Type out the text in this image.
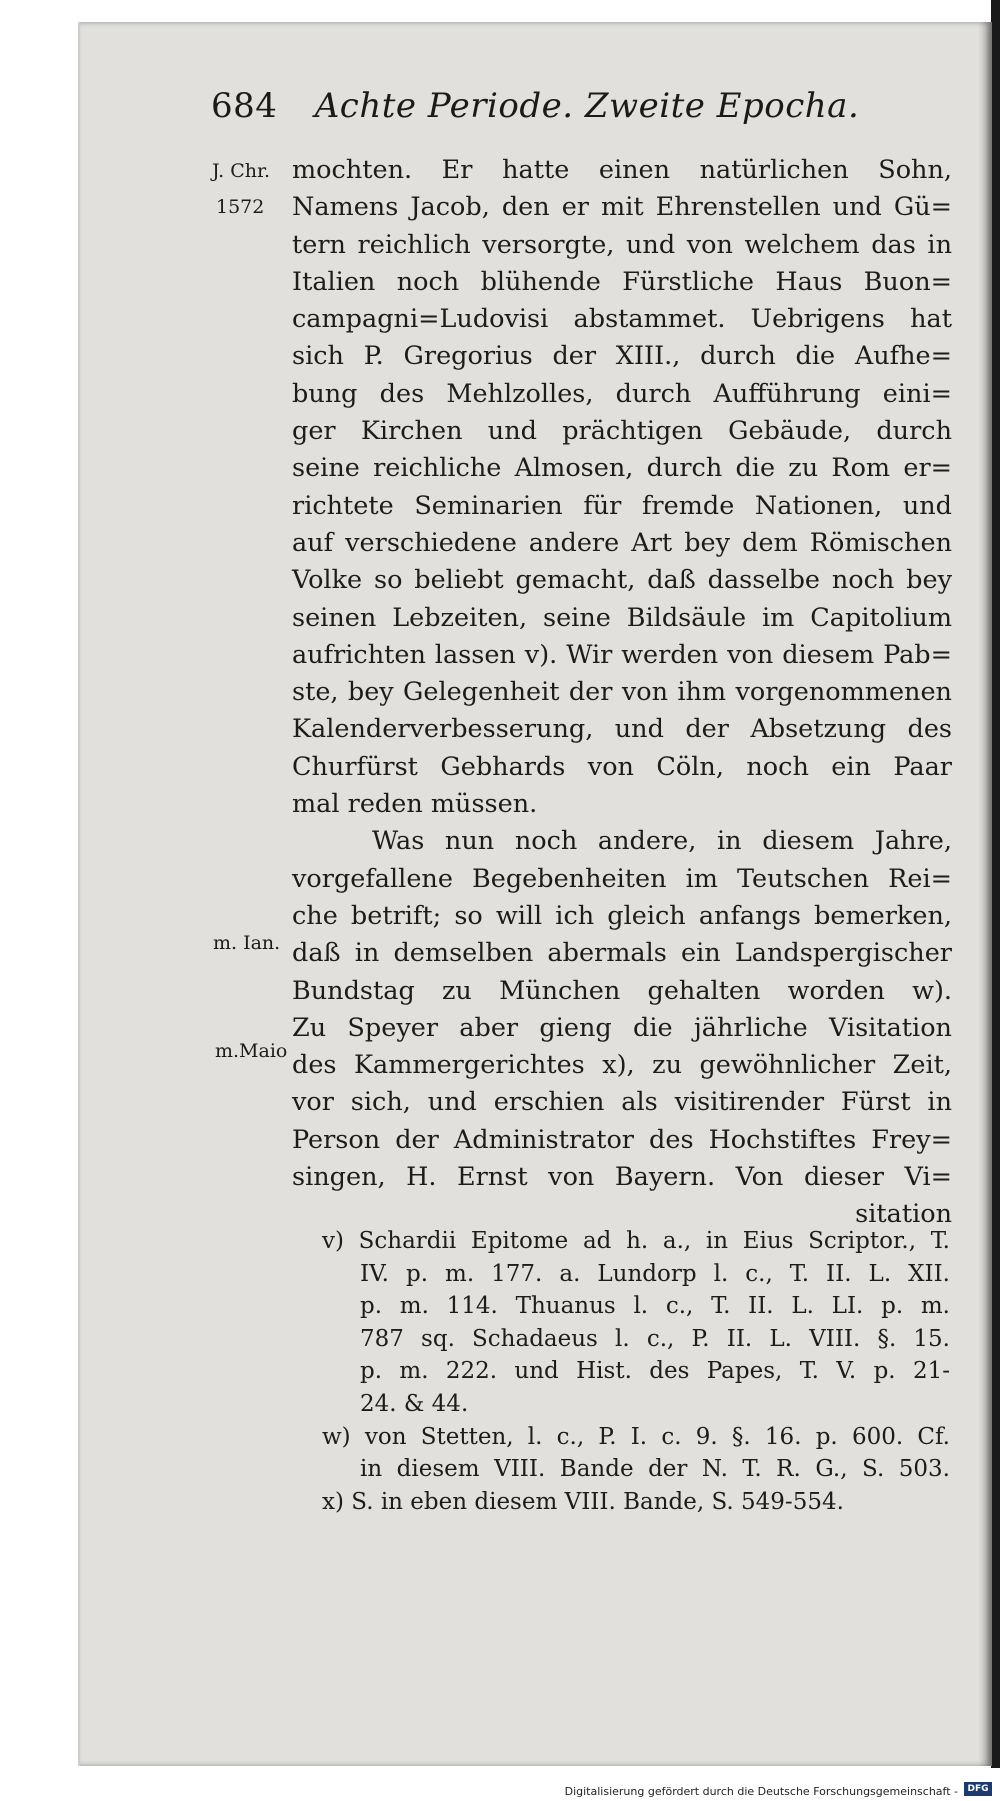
684 Achte Periode. Zweite Epocha.
J. Chr.
1572
m. Ian.
m.Maio
mochten. Er hatte einen natürlichen Sohn,
Namens Jacob, den er mit Ehrenstellen und Gü=
tern reichlich versorgte, und von welchem das in
Italien noch blühende Fürstliche Haus Buon=
campagni=Ludovisi abstammet. Uebrigens hat
sich P. Gregorius der XIII., durch die Aufhe=
bung des Mehlzolles, durch Aufführung eini=
ger Kirchen und prächtigen Gebäude, durch
seine reichliche Almosen, durch die zu Rom er=
richtete Seminarien für fremde Nationen, und
auf verschiedene andere Art bey dem Römischen
Volke so beliebt gemacht, daß dasselbe noch bey
seinen Lebzeiten, seine Bildsäule im Capitolium
aufrichten lassen v). Wir werden von diesem Pab=
ste, bey Gelegenheit der von ihm vorgenommenen
Kalenderverbesserung, und der Absetzung des
Churfürst Gebhards von Cöln, noch ein Paar
mal reden müssen.
Was nun noch andere, in diesem Jahre,
vorgefallene Begebenheiten im Teutschen Rei=
che betrift; so will ich gleich anfangs bemerken,
daß in demselben abermals ein Landspergischer
Bundstag zu München gehalten worden w).
Zu Speyer aber gieng die jährliche Visitation
des Kammergerichtes x), zu gewöhnlicher Zeit,
vor sich, und erschien als visitirender Fürst in
Person der Administrator des Hochstiftes Frey=
singen, H. Ernst von Bayern. Von dieser Vi=
sitation
v) Schardii Epitome ad h. a., in Eius Scriptor., T.
IV. p. m. 177. a. Lundorp l. c., T. II. L. XII.
p. m. 114. Thuanus l. c., T. II. L. LI. p. m.
787 sq. Schadaeus l. c., P. II. L. VIII. §. 15.
p. m. 222. und Hist. des Papes, T. V. p. 21-
24. & 44.
w) von Stetten, l. c., P. I. c. 9. §. 16. p. 600. Cf.
in diesem VIII. Bande der N. T. R. G., S. 503.
x) S. in eben diesem VIII. Bande, S. 549-554.
Digitalisierung gefördert durch die Deutsche Forschungsgemeinschaft -	DFG
